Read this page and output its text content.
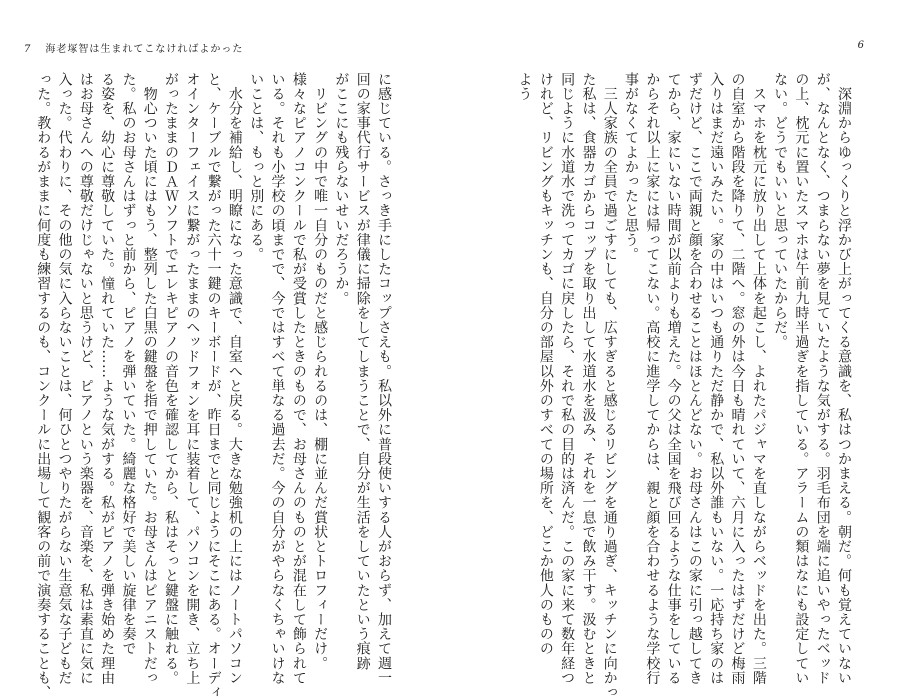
7 海老塚智は生まれてこなければよかった
に感じている。さっき手にしたコップさえも。私以外に普段使いする人がおらず、加えて週一
回の家事代行サービスが律儀に掃除をしてしまうことで、自分が生活をしていたという痕跡
がここにも残らないせいだろうか。
　リビングの中で唯一自分のものだと感じられるのは、棚に並んだ賞状とトロフィーだけ。
様々なピアノコンクールで私が受賞したときのもので、お母さんのものとが混在して飾られて
いる。それも小学校の頃までで、今ではすべて単なる過去だ。今の自分がやらなくちゃいけな
いことは、もっと別にある。
　水分を補給し、明瞭になった意識で、自室へと戻る。大きな勉強机の上にはノートパソコン
と、ケーブルで繋がった六十一鍵のキーボードが、昨日までと同じようにそこにある。オーディ
オインターフェイスに繋がったままのヘッドフォンを耳に装着して、パソコンを開き、立ち上
がったままのＤＡＷソフトでエレキピアノの音色を確認してから、私はそっと鍵盤に触れる。
　物心ついた頃にはもう、整列した白黒の鍵盤を指で押していた。お母さんはピアニストだっ
た。私のお母さんはずっと前から、ピアノを弾いていた。綺麗な格好で美しい旋律を奏で
る姿を、幼心に尊敬していた。憧れていた……ような気がする。私がピアノを弾き始めた理由
はお母さんへの尊敬だけじゃないと思うけど、ピアノという楽器を、音楽を、私は素直に気に
入った。代わりに、その他の気に入らないことは、何ひとつやりたがらない生意気な子どもだ
った。教わるがままに何度も練習するのも、コンクールに出場して観客の前で演奏することも、
6
　深淵からゆっくりと浮かび上がってくる意識を、私はつかまえる。朝だ。何も覚えていない
が、なんとなく、つまらない夢を見ていたような気がする。羽毛布団を端に追いやったベッド
の上、枕元に置いたスマホは午前九時半過ぎを指している。アラームの類はなにも設定してい
ない。どうでもいいと思っていたからだ。
　スマホを枕元に放り出して上体を起こし、よれたパジャマを直しながらベッドを出た。三階
の自室から階段を降りて、二階へ。窓の外は今日も晴れていて、六月に入ったはずだけど梅雨
入りはまだ遠いみたい。家の中はいつも通りただ静かで、私以外誰もいない。一応持ち家のは
ずだけど、ここで両親と顔を合わせることはほとんどない。お母さんはこの家に引っ越してき
てから、家にいない時間が以前よりも増えた。今の父は全国を飛び回るような仕事をしている
からそれ以上に家には帰ってこない。高校に進学してからは、親と顔を合わせるような学校行
事がなくてよかったと思う。
　三人家族の全員で過ごすにしても、広すぎると感じるリビングを通り過ぎ、キッチンに向かっ
た私は、食器カゴからコップを取り出して水道水を汲み、それを一息で飲み干す。汲むときと
同じように水道水で洗ってカゴに戻したら、それで私の目的は済んだ。この家に来て数年経つ
けれど、リビングもキッチンも、自分の部屋以外のすべての場所を、どこか他人のものの
よう
